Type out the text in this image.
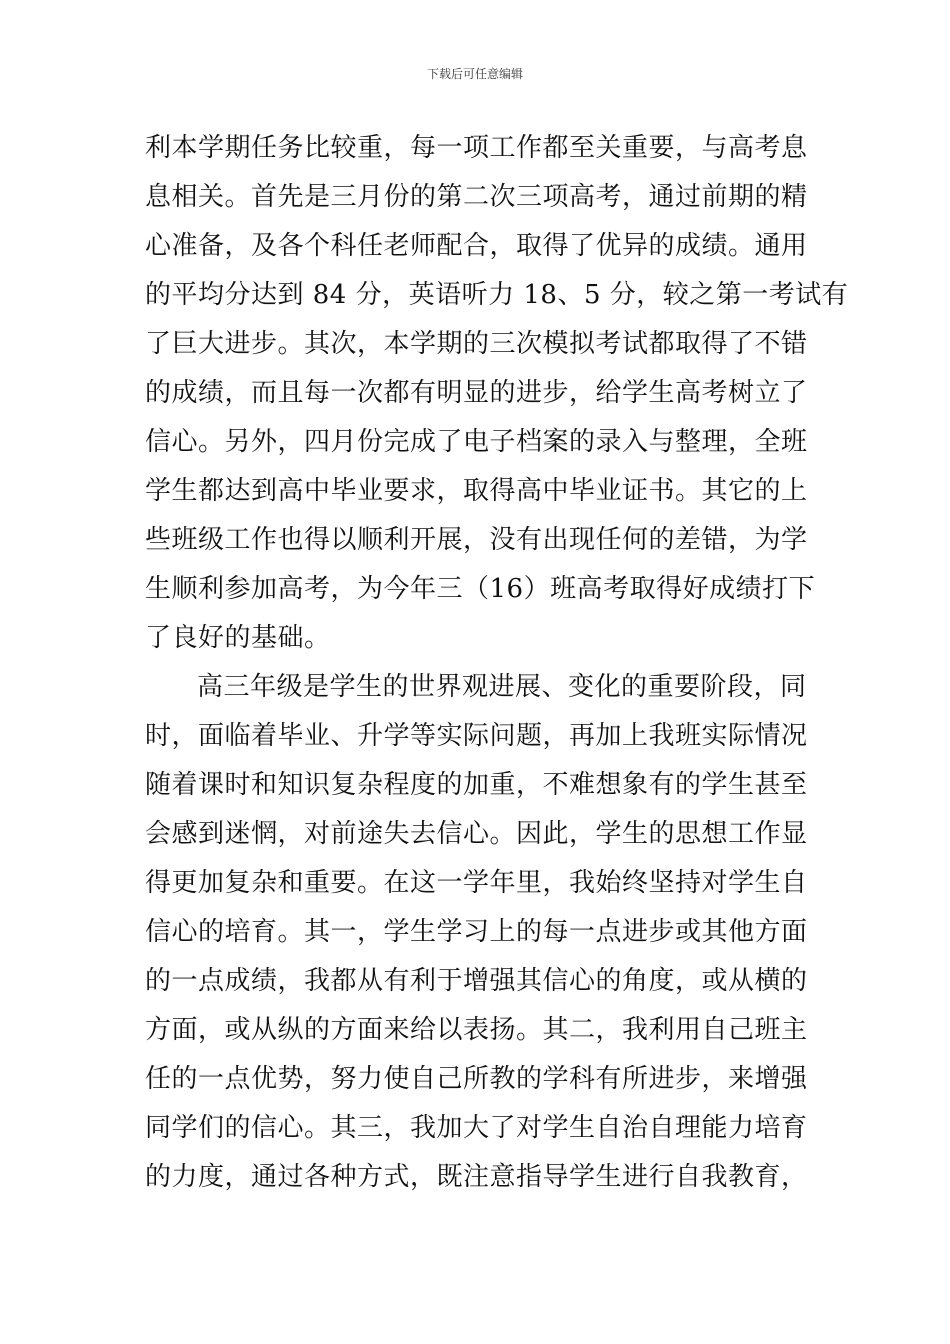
下载后可任意编辑
利本学期任务比较重，每一项工作都至关重要，与高考息
息相关。首先是三月份的第二次三项高考，通过前期的精
心准备，及各个科任老师配合，取得了优异的成绩。通用
的平均分达到 84 分，英语听力 18、5 分，较之第一考试有
了巨大进步。其次，本学期的三次模拟考试都取得了不错
的成绩，而且每一次都有明显的进步，给学生高考树立了
信心。另外，四月份完成了电子档案的录入与整理，全班
学生都达到高中毕业要求，取得高中毕业证书。其它的上
些班级工作也得以顺利开展，没有出现任何的差错，为学
生顺利参加高考，为今年三（16）班高考取得好成绩打下
了良好的基础。
高三年级是学生的世界观进展、变化的重要阶段，同
时，面临着毕业、升学等实际问题，再加上我班实际情况
随着课时和知识复杂程度的加重，不难想象有的学生甚至
会感到迷惘，对前途失去信心。因此，学生的思想工作显
得更加复杂和重要。在这一学年里，我始终坚持对学生自
信心的培育。其一，学生学习上的每一点进步或其他方面
的一点成绩，我都从有利于增强其信心的角度，或从横的
方面，或从纵的方面来给以表扬。其二，我利用自己班主
任的一点优势，努力使自己所教的学科有所进步，来增强
同学们的信心。其三，我加大了对学生自治自理能力培育
的力度，通过各种方式，既注意指导学生进行自我教育，
